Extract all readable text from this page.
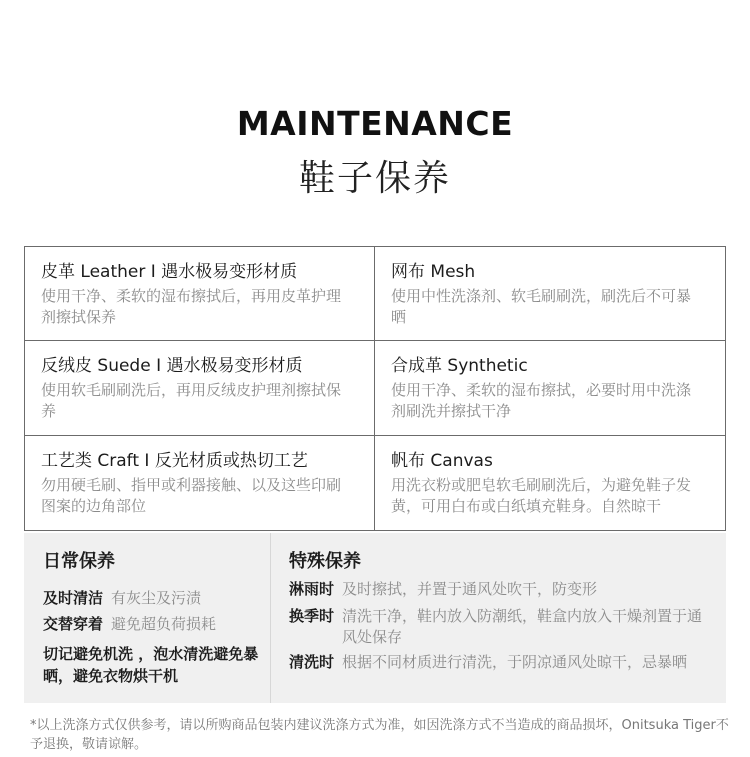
MAINTENANCE
鞋子保养
皮革 Leather I 遇水极易变形材质
使用干净、柔软的湿布擦拭后，再用皮革护理剂擦拭保养
网布 Mesh
使用中性洗涤剂、软毛刷刷洗，刷洗后不可暴晒
反绒皮 Suede I 遇水极易变形材质
使用软毛刷刷洗后，再用反绒皮护理剂擦拭保养
合成革 Synthetic
使用干净、柔软的湿布擦拭，必要时用中洗涤剂刷洗并擦拭干净
工艺类 Craft I 反光材质或热切工艺
勿用硬毛刷、指甲或利器接触、以及这些印刷图案的边角部位
帆布 Canvas
用洗衣粉或肥皂软毛刷刷洗后，为避免鞋子发黄，可用白布或白纸填充鞋身。自然晾干
日常保养
及时清洁 有灰尘及污渍
交替穿着 避免超负荷损耗
切记避免机洗 ，泡水清洗避免暴晒，避免衣物烘干机
特殊保养
淋雨时 及时擦拭，并置于通风处吹干，防变形
换季时 清洗干净，鞋内放入防潮纸，鞋盒内放入干燥剂置于通风处保存
清洗时 根据不同材质进行清洗，于阴凉通风处晾干，忌暴晒
*以上洗涤方式仅供参考，请以所购商品包装内建议洗涤方式为准，如因洗涤方式不当造成的商品损坏，Onitsuka Tiger不予退换，敬请谅解。
